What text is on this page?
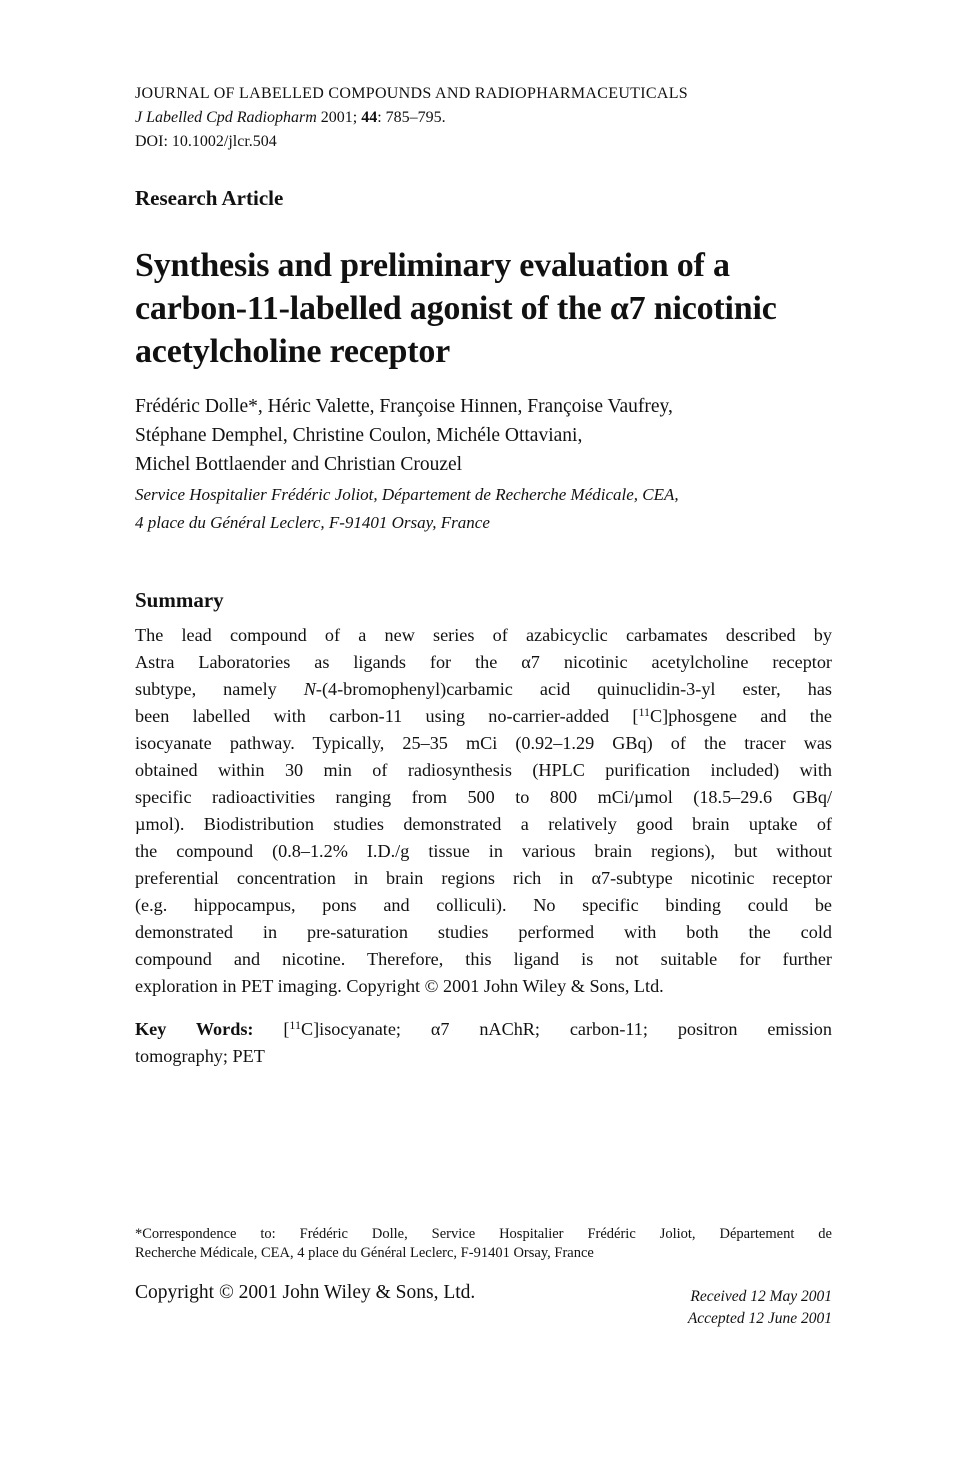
JOURNAL OF LABELLED COMPOUNDS AND RADIOPHARMACEUTICALS
J Labelled Cpd Radiopharm 2001; 44: 785–795.
DOI: 10.1002/jlcr.504
Research Article
Synthesis and preliminary evaluation of a
carbon-11-labelled agonist of the α7 nicotinic
acetylcholine receptor
Frédéric Dolle*, Héric Valette, Françoise Hinnen, Françoise Vaufrey,
Stéphane Demphel, Christine Coulon, Michéle Ottaviani,
Michel Bottlaender and Christian Crouzel
Service Hospitalier Frédéric Joliot, Département de Recherche Médicale, CEA,
4 place du Général Leclerc, F-91401 Orsay, France
Summary
The lead compound of a new series of azabicyclic carbamates described by
Astra Laboratories as ligands for the α7 nicotinic acetylcholine receptor
subtype, namely N-(4-bromophenyl)carbamic acid quinuclidin-3-yl ester, has
been labelled with carbon-11 using no-carrier-added [$^{11}$C]phosgene and the
isocyanate pathway. Typically, 25–35 mCi (0.92–1.29 GBq) of the tracer was
obtained within 30 min of radiosynthesis (HPLC purification included) with
specific radioactivities ranging from 500 to 800 mCi/µmol (18.5–29.6 GBq/
µmol). Biodistribution studies demonstrated a relatively good brain uptake of
the compound (0.8–1.2% I.D./g tissue in various brain regions), but without
preferential concentration in brain regions rich in α7-subtype nicotinic receptor
(e.g. hippocampus, pons and colliculi). No specific binding could be
demonstrated in pre-saturation studies performed with both the cold
compound and nicotine. Therefore, this ligand is not suitable for further
exploration in PET imaging. Copyright © 2001 John Wiley & Sons, Ltd.
Key Words: [$^{11}$C]isocyanate; α7 nAChR; carbon-11; positron emission
tomography; PET
*Correspondence to: Frédéric Dolle, Service Hospitalier Frédéric Joliot, Département de
Recherche Médicale, CEA, 4 place du Général Leclerc, F-91401 Orsay, France
Copyright © 2001 John Wiley & Sons, Ltd.	Received 12 May 2001
Accepted 12 June 2001
